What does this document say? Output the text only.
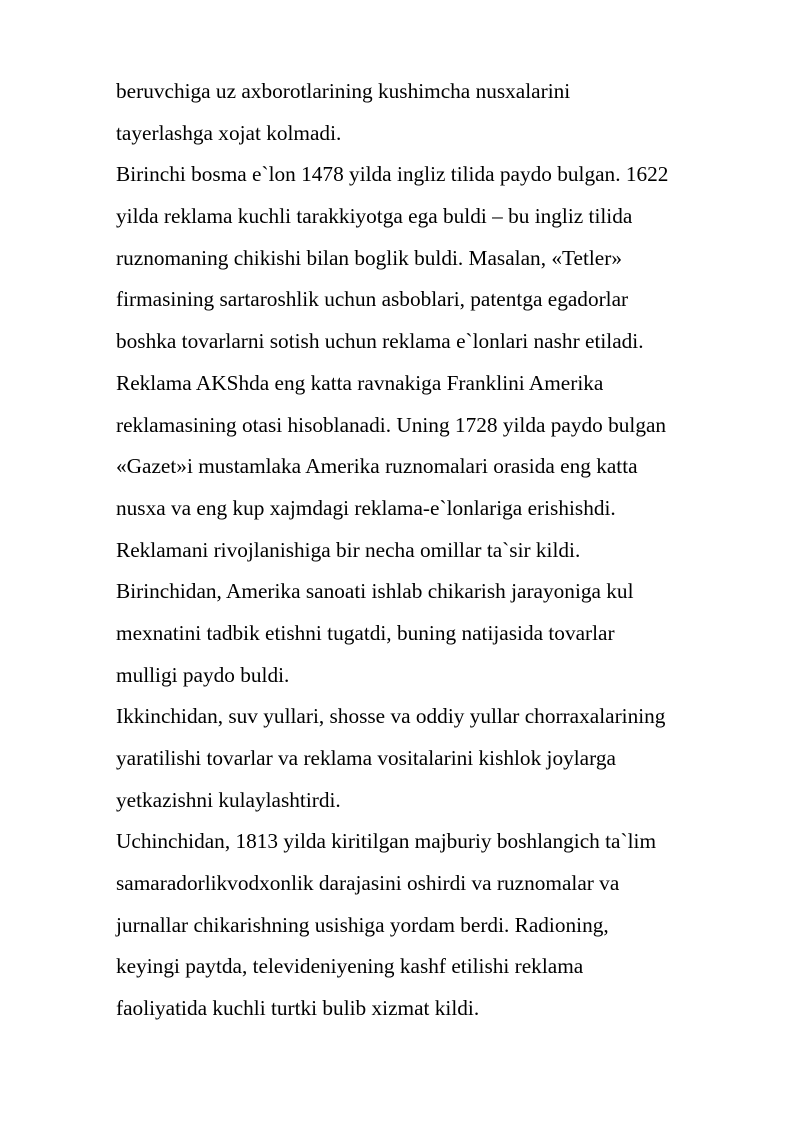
beruvchiga uz axborotlarining kushimcha nusxalarini
tayerlashga xojat kolmadi.
Birinchi bosma e`lon 1478 yilda ingliz tilida paydo bulgan. 1622
yilda reklama kuchli tarakkiyotga ega buldi – bu ingliz tilida
ruznomaning chikishi bilan boglik buldi. Masalan, «Tetler»
firmasining sartaroshlik uchun asboblari, patentga egadorlar
boshka tovarlarni sotish uchun reklama e`lonlari nashr etiladi.
Reklama AKShda eng katta ravnakiga Franklini Amerika
reklamasining otasi hisoblanadi. Uning 1728 yilda paydo bulgan
«Gazet»i mustamlaka Amerika ruznomalari orasida eng katta
nusxa va eng kup xajmdagi reklama-e`lonlariga erishishdi.
Reklamani rivojlanishiga bir necha omillar ta`sir kildi.
Birinchidan, Amerika sanoati ishlab chikarish jarayoniga kul
mexnatini tadbik etishni tugatdi, buning natijasida tovarlar
mulligi paydo buldi.
Ikkinchidan, suv yullari, shosse va oddiy yullar chorraxalarining
yaratilishi tovarlar va reklama vositalarini kishlok joylarga
yetkazishni kulaylashtirdi.
Uchinchidan, 1813 yilda kiritilgan majburiy boshlangich ta`lim
samaradorlikvodxonlik darajasini oshirdi va ruznomalar va
jurnallar chikarishning usishiga yordam berdi. Radioning,
keyingi paytda, televideniyening kashf etilishi reklama
faoliyatida kuchli turtki bulib xizmat kildi.
